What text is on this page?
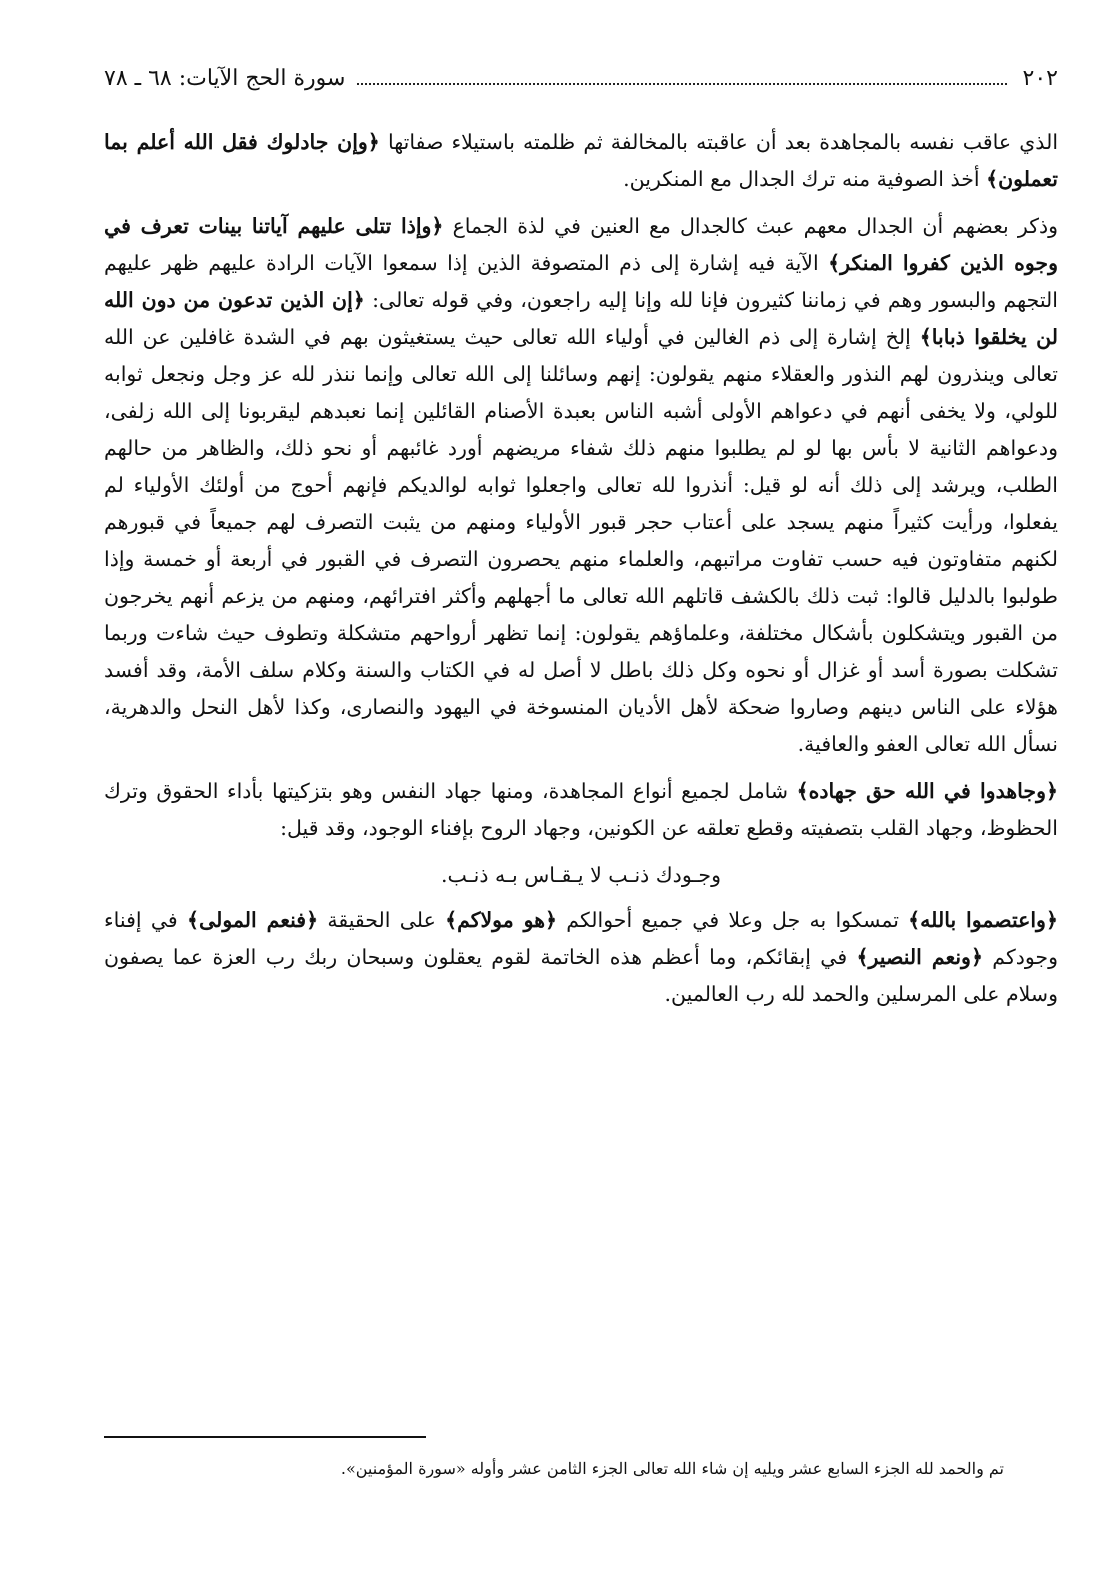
٢٠٢
سورة الحج الآيات: ٦٨ ـ ٧٨

الذي عاقب نفسه بالمجاهدة بعد أن عاقبته بالمخالفة ثم ظلمته باستيلاء صفاتها ﴿وإن جادلوك فقل الله أعلم بما تعملون﴾ أخذ الصوفية منه ترك الجدال مع المنكرين.

وذكر بعضهم أن الجدال معهم عبث كالجدال مع العنين في لذة الجماع ﴿وإذا تتلى عليهم آياتنا بينات تعرف في وجوه الذين كفروا المنكر﴾ الآية فيه إشارة إلى ذم المتصوفة الذين إذا سمعوا الآيات الرادة عليهم ظهر عليهم التجهم والبسور وهم في زماننا كثيرون فإنا لله وإنا إليه راجعون، وفي قوله تعالى: ﴿إن الذين تدعون من دون الله لن يخلقوا ذبابا﴾ إلخ إشارة إلى ذم الغالين في أولياء الله تعالى حيث يستغيثون بهم في الشدة غافلين عن الله تعالى وينذرون لهم النذور والعقلاء منهم يقولون: إنهم وسائلنا إلى الله تعالى وإنما ننذر لله عز وجل ونجعل ثوابه للولي، ولا يخفى أنهم في دعواهم الأولى أشبه الناس بعبدة الأصنام القائلين إنما نعبدهم ليقربونا إلى الله زلفى، ودعواهم الثانية لا بأس بها لو لم يطلبوا منهم ذلك شفاء مريضهم أورد غائبهم أو نحو ذلك، والظاهر من حالهم الطلب، ويرشد إلى ذلك أنه لو قيل: أنذروا لله تعالى واجعلوا ثوابه لوالديكم فإنهم أحوج من أولئك الأولياء لم يفعلوا، ورأيت كثيراً منهم يسجد على أعتاب حجر قبور الأولياء ومنهم من يثبت التصرف لهم جميعاً في قبورهم لكنهم متفاوتون فيه حسب تفاوت مراتبهم، والعلماء منهم يحصرون التصرف في القبور في أربعة أو خمسة وإذا طولبوا بالدليل قالوا: ثبت ذلك بالكشف قاتلهم الله تعالى ما أجهلهم وأكثر افترائهم، ومنهم من يزعم أنهم يخرجون من القبور ويتشكلون بأشكال مختلفة، وعلماؤهم يقولون: إنما تظهر أرواحهم متشكلة وتطوف حيث شاءت وربما تشكلت بصورة أسد أو غزال أو نحوه وكل ذلك باطل لا أصل له في الكتاب والسنة وكلام سلف الأمة، وقد أفسد هؤلاء على الناس دينهم وصاروا ضحكة لأهل الأديان المنسوخة في اليهود والنصارى، وكذا لأهل النحل والدهرية، نسأل الله تعالى العفو والعافية.

﴿وجاهدوا في الله حق جهاده﴾ شامل لجميع أنواع المجاهدة، ومنها جهاد النفس وهو بتزكيتها بأداء الحقوق وترك الحظوظ، وجهاد القلب بتصفيته وقطع تعلقه عن الكونين، وجهاد الروح بإفناء الوجود، وقد قيل:

وجـودك ذنـب لا يـقـاس بـه ذنـب.

﴿واعتصموا بالله﴾ تمسكوا به جل وعلا في جميع أحوالكم ﴿هو مولاكم﴾ على الحقيقة ﴿فنعم المولى﴾ في إفناء وجودكم ﴿ونعم النصير﴾ في إبقائكم، وما أعظم هذه الخاتمة لقوم يعقلون وسبحان ربك رب العزة عما يصفون وسلام على المرسلين والحمد لله رب العالمين.

تم والحمد لله الجزء السابع عشر ويليه إن شاء الله تعالى الجزء الثامن عشر وأوله «سورة المؤمنين».
